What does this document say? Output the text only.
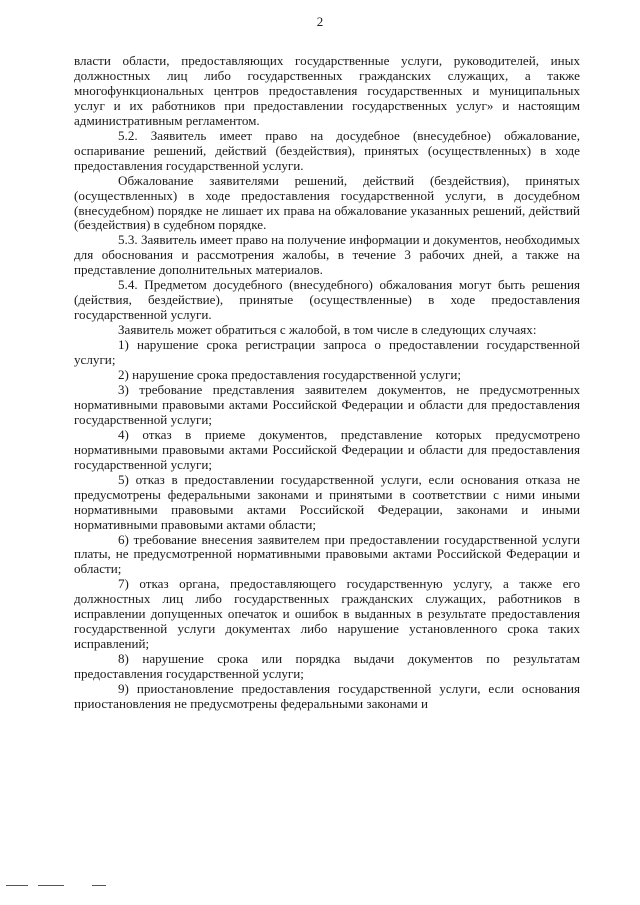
2

власти области, предоставляющих государственные услуги, руководителей, иных должностных лиц либо государственных гражданских служащих, а также многофункциональных центров предоставления государственных и муниципальных услуг и их работников при предоставлении государственных услуг» и настоящим административным регламентом.

5.2. Заявитель имеет право на досудебное (внесудебное) обжалование, оспаривание решений, действий (бездействия), принятых (осуществленных) в ходе предоставления государственной услуги.

Обжалование заявителями решений, действий (бездействия), принятых (осуществленных) в ходе предоставления государственной услуги, в досудебном (внесудебном) порядке не лишает их права на обжалование указанных решений, действий (бездействия) в судебном порядке.

5.3. Заявитель имеет право на получение информации и документов, необходимых для обоснования и рассмотрения жалобы, в течение 3 рабочих дней, а также на представление дополнительных материалов.

5.4. Предметом досудебного (внесудебного) обжалования могут быть решения (действия, бездействие), принятые (осуществленные) в ходе предоставления государственной услуги.

Заявитель может обратиться с жалобой, в том числе в следующих случаях:

1) нарушение срока регистрации запроса о предоставлении государственной услуги;

2) нарушение срока предоставления государственной услуги;

3) требование представления заявителем документов, не предусмотренных нормативными правовыми актами Российской Федерации и области для предоставления государственной услуги;

4) отказ в приеме документов, представление которых предусмотрено нормативными правовыми актами Российской Федерации и области для предоставления государственной услуги;

5) отказ в предоставлении государственной услуги, если основания отказа не предусмотрены федеральными законами и принятыми в соответствии с ними иными нормативными правовыми актами Российской Федерации, законами и иными нормативными правовыми актами области;

6) требование внесения заявителем при предоставлении государственной услуги платы, не предусмотренной нормативными правовыми актами Российской Федерации и области;

7) отказ органа, предоставляющего государственную услугу, а также его должностных лиц либо государственных гражданских служащих, работников в исправлении допущенных опечаток и ошибок в выданных в результате предоставления государственной услуги документах либо нарушение установленного срока таких исправлений;

8) нарушение срока или порядка выдачи документов по результатам предоставления государственной услуги;

9) приостановление предоставления государственной услуги, если основания приостановления не предусмотрены федеральными законами и
